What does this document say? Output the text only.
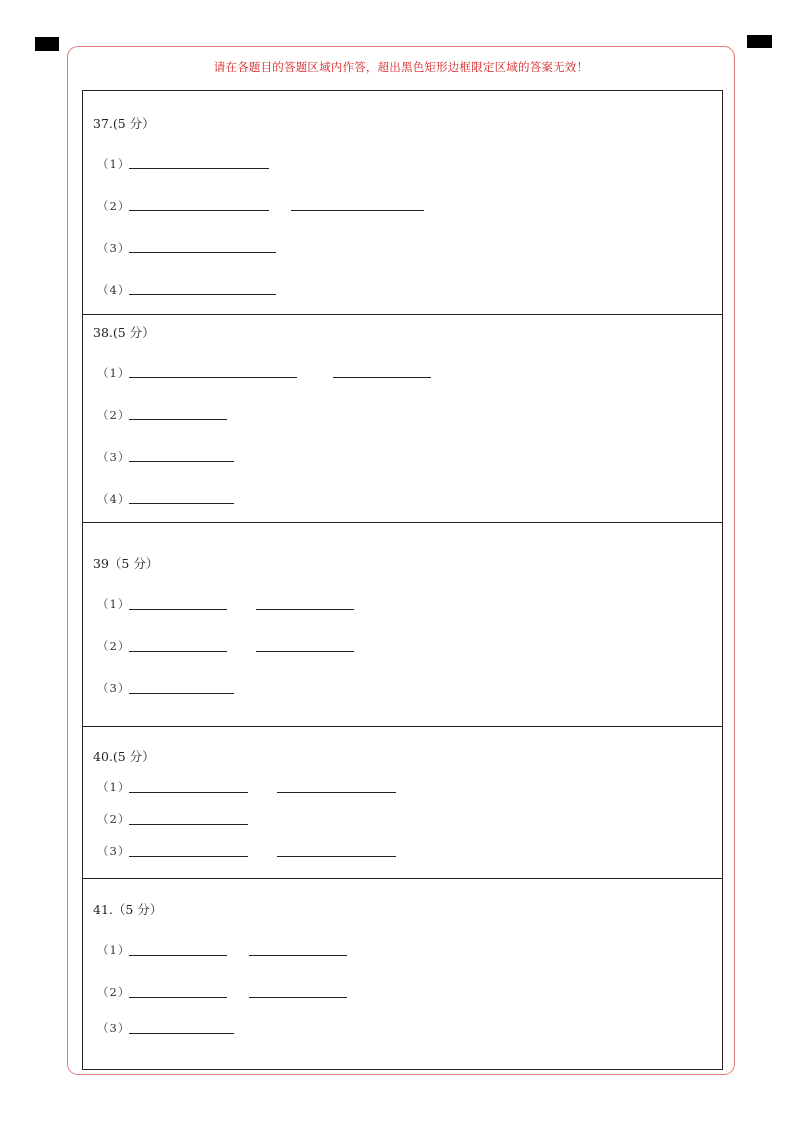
请在各题目的答题区域内作答，超出黑色矩形边框限定区域的答案无效！
37.(5 分）
（1）
（2）
（3）
（4）
38.(5 分）
（1）
（2）
（3）
（4）
39（5 分）
（1）
（2）
（3）
40.(5 分）
（1）
（2）
（3）
41.（5 分）
（1）
（2）
（3）
